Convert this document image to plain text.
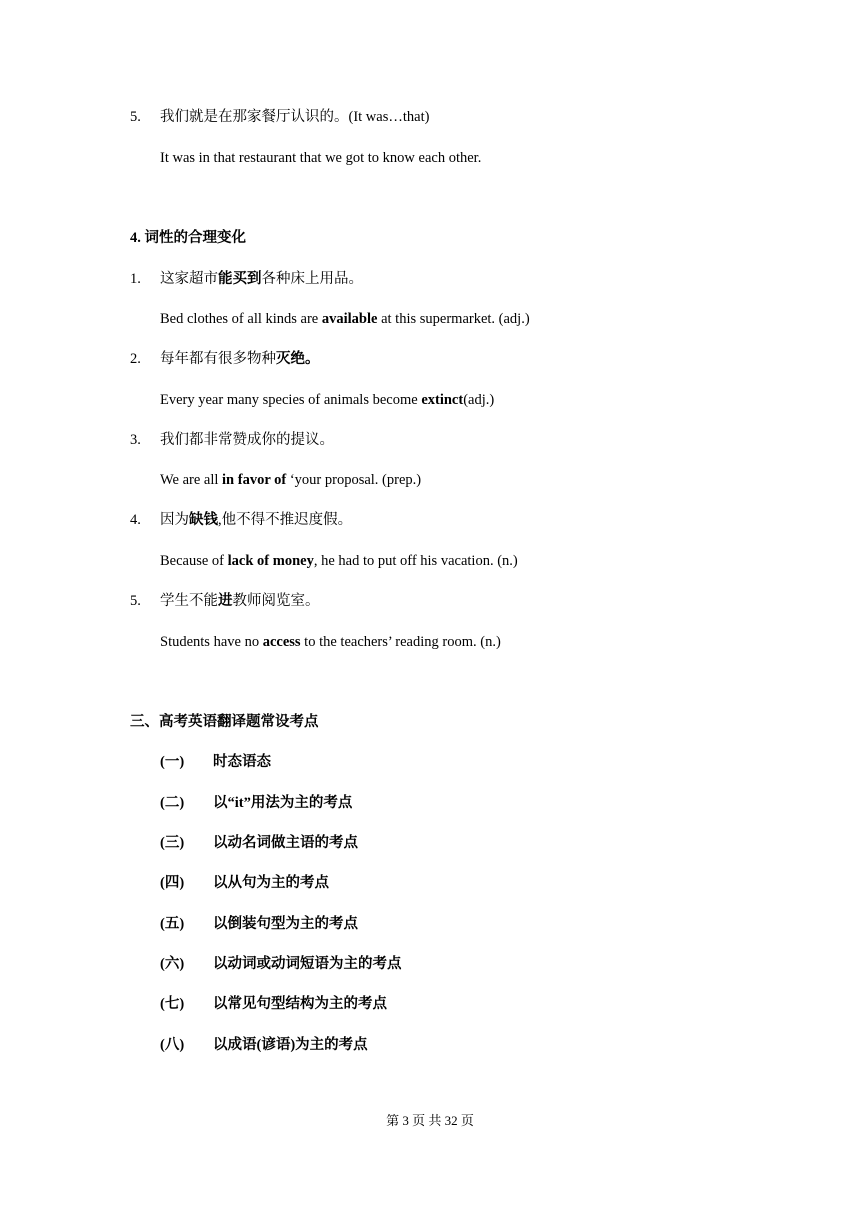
5. 我们就是在那家餐厅认识的。(It was…that)
It was in that restaurant that we got to know each other.
4. 词性的合理变化
1. 这家超市能买到各种床上用品。
Bed clothes of all kinds are available at this supermarket. (adj.)
2. 每年都有很多物种灭绝。
Every year many species of animals become extinct(adj.)
3. 我们都非常赞成你的提议。
We are all in favor of ‘your proposal. (prep.)
4. 因为缺钱,他不得不推迟度假。
Because of lack of money, he had to put off his vacation. (n.)
5. 学生不能进教师阅览室。
Students have no access to the teachers’ reading room. (n.)
三、高考英语翻译题常设考点
(一) 时态语态
(二) 以“it”用法为主的考点
(三) 以动名词做主语的考点
(四) 以从句为主的考点
(五) 以倒装句型为主的考点
(六) 以动词或动词短语为主的考点
(七) 以常见句型结构为主的考点
(八) 以成语(谚语)为主的考点
第 3 页 共 32 页
